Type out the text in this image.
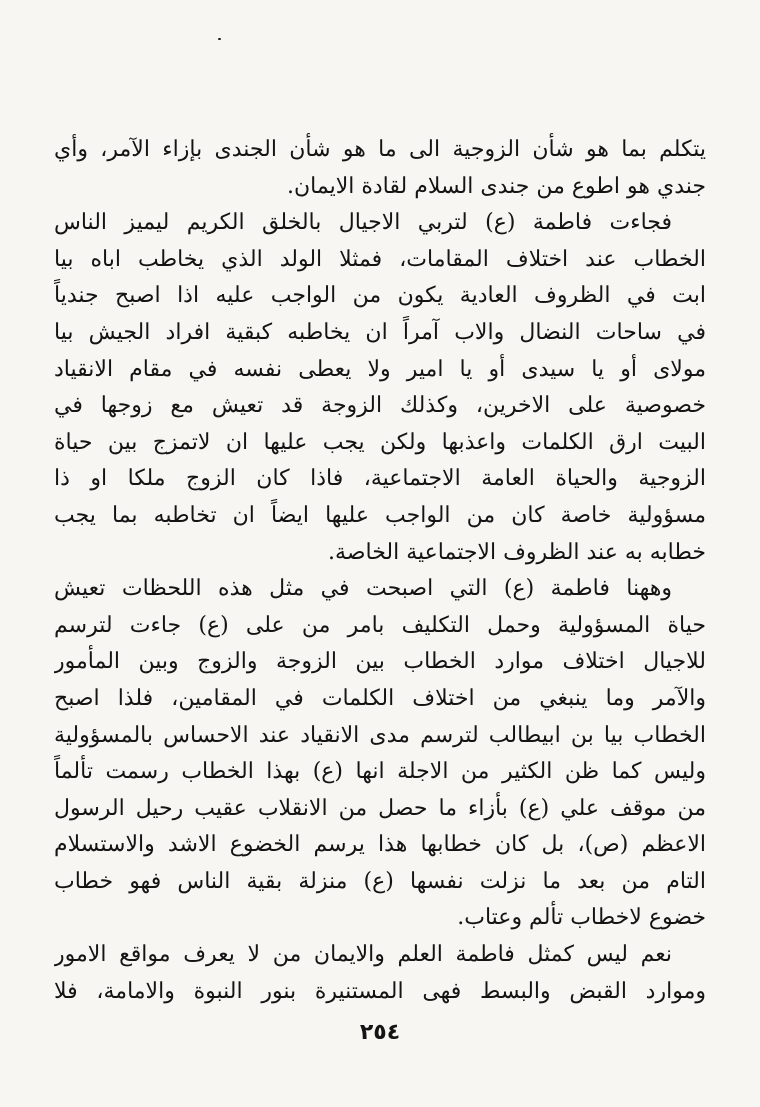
يتكلم بما هو شأن الزوجية الى ما هو شأن الجندى بإزاء الآمر، وأي
جندي هو اطوع من جندى السلام لقادة الايمان.
فجاءت فاطمة (ع) لتربي الاجيال بالخلق الكريم ليميز الناس
الخطاب عند اختلاف المقامات، فمثلا الولد الذي يخاطب اباه بيا
ابت في الظروف العادية يكون من الواجب عليه اذا اصبح جندياً
في ساحات النضال والاب آمراً ان يخاطبه كبقية افراد الجيش بيا
مولاى أو يا سيدى أو يا امير ولا يعطى نفسه في مقام الانقياد
خصوصية على الاخرين، وكذلك الزوجة قد تعيش مع زوجها في
البيت ارق الكلمات واعذبها ولكن يجب عليها ان لاتمزج بين حياة
الزوجية والحياة العامة الاجتماعية، فاذا كان الزوج ملكا او ذا
مسؤولية خاصة كان من الواجب عليها ايضاً ان تخاطبه بما يجب
خطابه به عند الظروف الاجتماعية الخاصة.
وههنا فاطمة (ع) التي اصبحت في مثل هذه اللحظات تعيش
حياة المسؤولية وحمل التكليف بامر من على (ع) جاءت لترسم
للاجيال اختلاف موارد الخطاب بين الزوجة والزوج وبين المأمور
والآمر وما ينبغي من اختلاف الكلمات في المقامين، فلذا اصبح
الخطاب بيا بن ابيطالب لترسم مدى الانقياد عند الاحساس بالمسؤولية
وليس كما ظن الكثير من الاجلة انها (ع) بهذا الخطاب رسمت تألماً
من موقف علي (ع) بأزاء ما حصل من الانقلاب عقيب رحيل الرسول
الاعظم (ص)، بل كان خطابها هذا يرسم الخضوع الاشد والاستسلام
التام من بعد ما نزلت نفسها (ع) منزلة بقية الناس فهو خطاب
خضوع لاخطاب تألم وعتاب.
نعم ليس كمثل فاطمة العلم والايمان من لا يعرف مواقع الامور
وموارد القبض والبسط فهى المستنيرة بنور النبوة والامامة، فلا
٢٥٤
